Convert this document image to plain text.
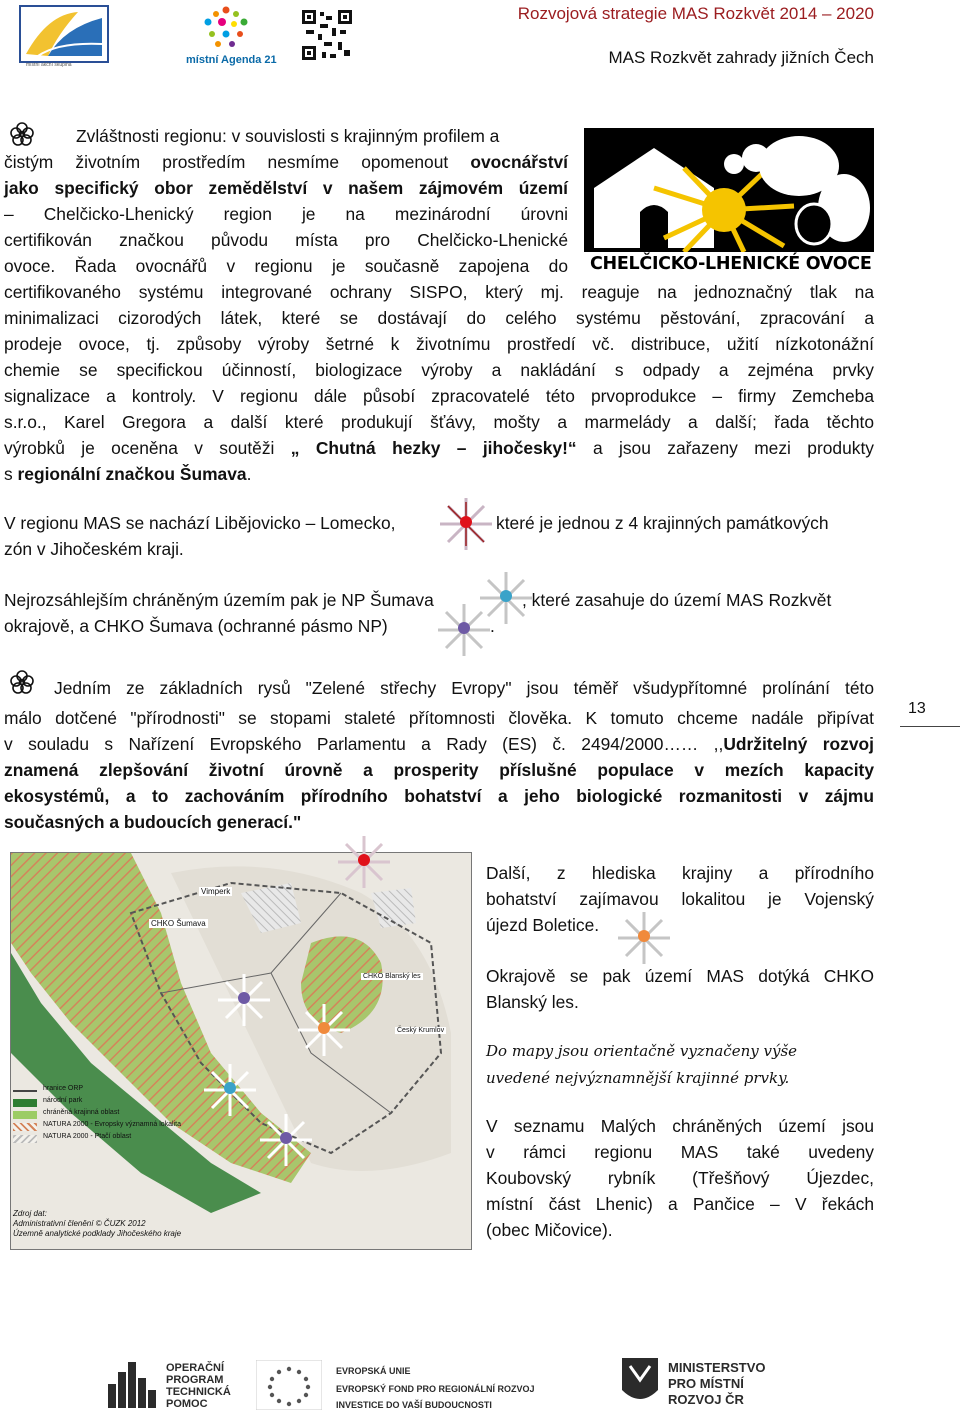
místní akční skupina	místní Agenda 21
Rozvojová strategie MAS Rozkvět 2014 – 2020
MAS Rozkvět zahrady jižních Čech
Zvláštnosti regionu: v souvislosti s krajinným profilem a
čistým životním prostředím nesmíme opomenout ovocnářství
jako specifický obor zemědělství v našem zájmovém území
– Chelčicko-Lhenický region je na mezinárodní úrovni
certifikován značkou původu místa pro Chelčicko-Lhenické
ovoce. Řada ovocnářů v regionu je současně zapojena do
certifikovaného systému integrované ochrany SISPO, který mj. reaguje na jednoznačný tlak na
minimalizaci cizorodých látek, které se dostávají do celého systému pěstování, zpracování a
prodeje ovoce, tj. způsoby výroby šetrné k životnímu prostředí vč. distribuce, užití nízkotonážní
chemie se specifickou účinností, biologizace výroby a nakládání s odpady a zejména prvky
signalizace a kontroly. V regionu dále působí zpracovatelé této prvoprodukce – firmy Zemcheba
s.r.o., Karel Gregora a další které produkují šťávy, mošty a marmelády a další; řada těchto
výrobků je oceněna v soutěži „ Chutná hezky – jihočesky!“ a jsou zařazeny mezi produkty
s regionální značkou Šumava.
CHELČICKO-LHENICKÉ OVOCE
V regionu MAS se nachází Libějovicko – Lomecko,	které je jednou z 4 krajinných památkových
zón v Jihočeském kraji.
Nejrozsáhlejším chráněným územím pak je NP Šumava	, které zasahuje do území MAS Rozkvět
okrajově, a CHKO Šumava (ochranné pásmo NP)	.
Jedním ze základních rysů "Zelené střechy Evropy" jsou téměř všudypřítomné prolínání této
málo dotčené "přírodnosti" se stopami staleté přítomnosti člověka. K tomuto chceme nadále připívat
v souladu s Nařízení Evropského Parlamentu a Rady (ES) č. 2494/2000…… ,,Udržitelný rozvoj
znamená zlepšování životní úrovně a prosperity příslušné populace v mezích kapacity
ekosystémů, a to zachováním přírodního bohatství a jeho biologické rozmanitosti v zájmu
současných a budoucích generací."
13
Vimperk
CHKO Šumava
CHKO Blanský les
Český Krumlov
hranice ORP
národní park
chráněná krajinná oblast
NATURA 2000 - Evropsky významná lokalita
NATURA 2000 - Ptačí oblast
Zdroj dat:
Administrativní členění © ČUZK 2012
Územně analytické podklady Jihočeského kraje
Další, z hlediska krajiny a přírodního
bohatství zajímavou lokalitou je Vojenský
újezd Boletice.
Okrajově se pak území MAS dotýká CHKO
Blanský les.
Do mapy jsou orientačně vyznačeny výše
uvedené nejvýznamnější krajinné prvky.
V seznamu Malých chráněných území jsou
v rámci regionu MAS také uvedeny
Koubovský rybník (Třešňový Újezdec,
místní část Lhenic) a Pančice – V řekách
(obec Mičovice).
OPERAČNÍ
PROGRAM
TECHNICKÁ
POMOC
EVROPSKÁ UNIE
EVROPSKÝ FOND PRO REGIONÁLNÍ ROZVOJ
INVESTICE DO VAŠÍ BUDOUCNOSTI
MINISTERSTVO
PRO MÍSTNÍ
ROZVOJ ČR
